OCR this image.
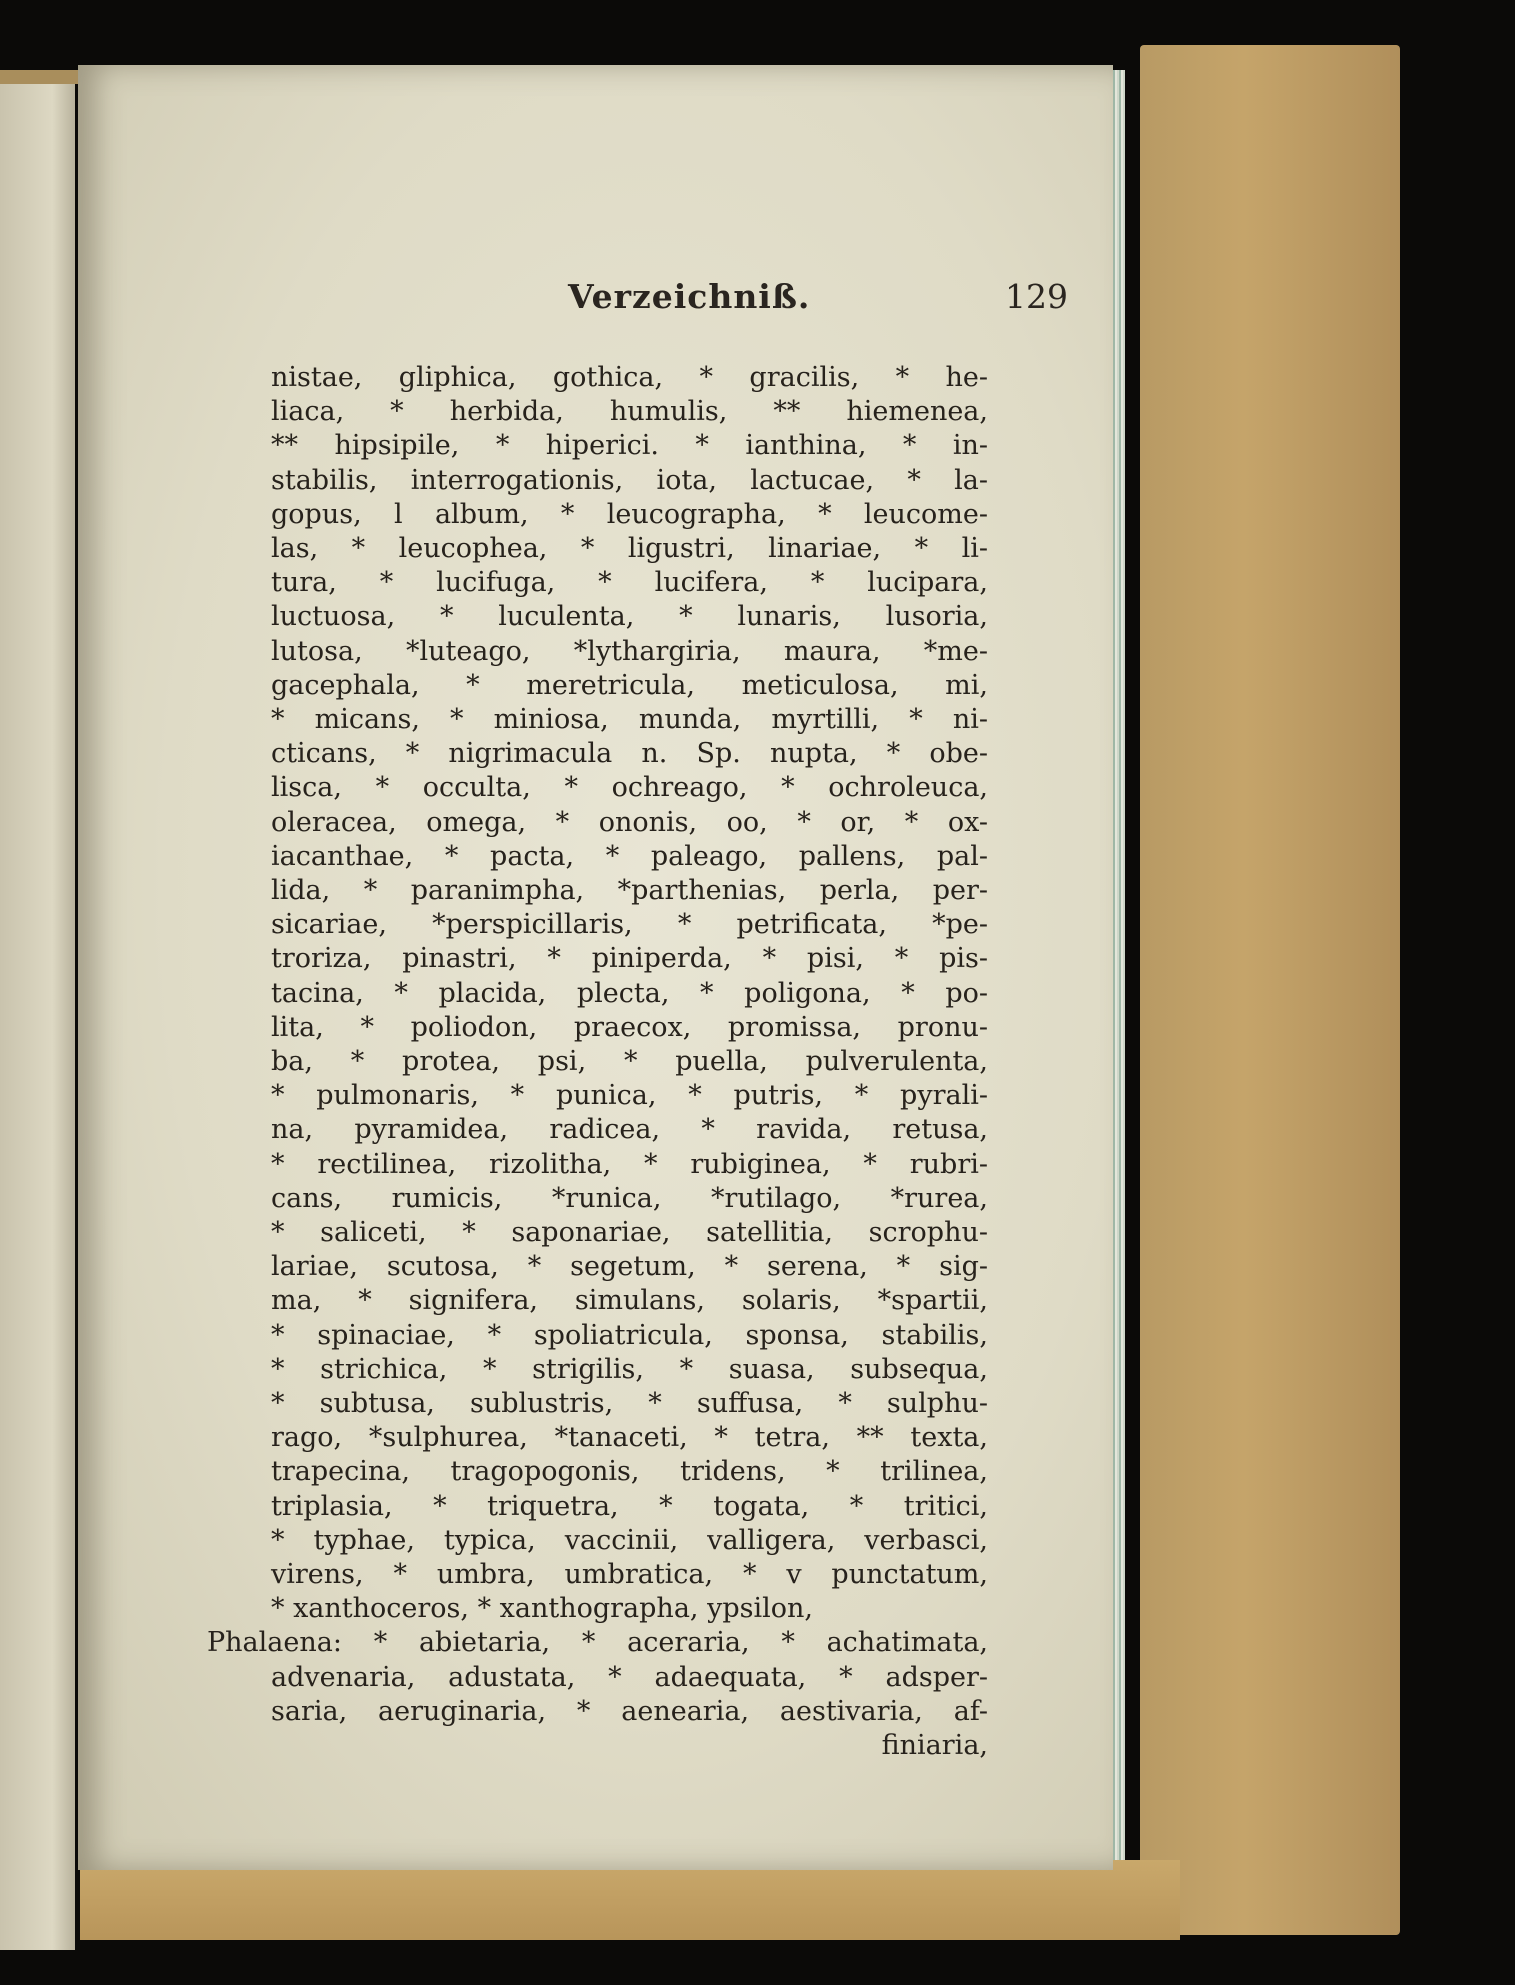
Verzeichniß.	129
nistae, gliphica, gothica, * gracilis, * he-
liaca, * herbida, humulis, ** hiemenea,
** hipsipile, * hiperici. * ianthina, * in-
stabilis, interrogationis, iota, lactucae, * la-
gopus, l album, * leucographa, * leucome-
las, * leucophea, * ligustri, linariae, * li-
tura, * lucifuga, * lucifera, * lucipara,
luctuosa, * luculenta, * lunaris, lusoria,
lutosa, *luteago, *lythargiria, maura, *me-
gacephala, * meretricula, meticulosa, mi,
* micans, * miniosa, munda, myrtilli, * ni-
cticans, * nigrimacula n. Sp. nupta, * obe-
lisca, * occulta, * ochreago, * ochroleuca,
oleracea, omega, * ononis, oo, * or, * ox-
iacanthae, * pacta, * paleago, pallens, pal-
lida, * paranimpha, *parthenias, perla, per-
sicariae, *perspicillaris, * petrificata, *pe-
troriza, pinastri, * piniperda, * pisi, * pis-
tacina, * placida, plecta, * poligona, * po-
lita, * poliodon, praecox, promissa, pronu-
ba, * protea, psi, * puella, pulverulenta,
* pulmonaris, * punica, * putris, * pyrali-
na, pyramidea, radicea, * ravida, retusa,
* rectilinea, rizolitha, * rubiginea, * rubri-
cans, rumicis, *runica, *rutilago, *rurea,
* saliceti, * saponariae, satellitia, scrophu-
lariae, scutosa, * segetum, * serena, * sig-
ma, * signifera, simulans, solaris, *spartii,
* spinaciae, * spoliatricula, sponsa, stabilis,
* strichica, * strigilis, * suasa, subsequa,
* subtusa, sublustris, * suffusa, * sulphu-
rago, *sulphurea, *tanaceti, * tetra, ** texta,
trapecina, tragopogonis, tridens, * trilinea,
triplasia, * triquetra, * togata, * tritici,
* typhae, typica, vaccinii, valligera, verbasci,
virens, * umbra, umbratica, * v punctatum,
* xanthoceros, * xanthographa, ypsilon,
Phalaena: * abietaria, * aceraria, * achatimata,
advenaria, adustata, * adaequata, * adsper-
saria, aeruginaria, * aenearia, aestivaria, af-
finiaria,
